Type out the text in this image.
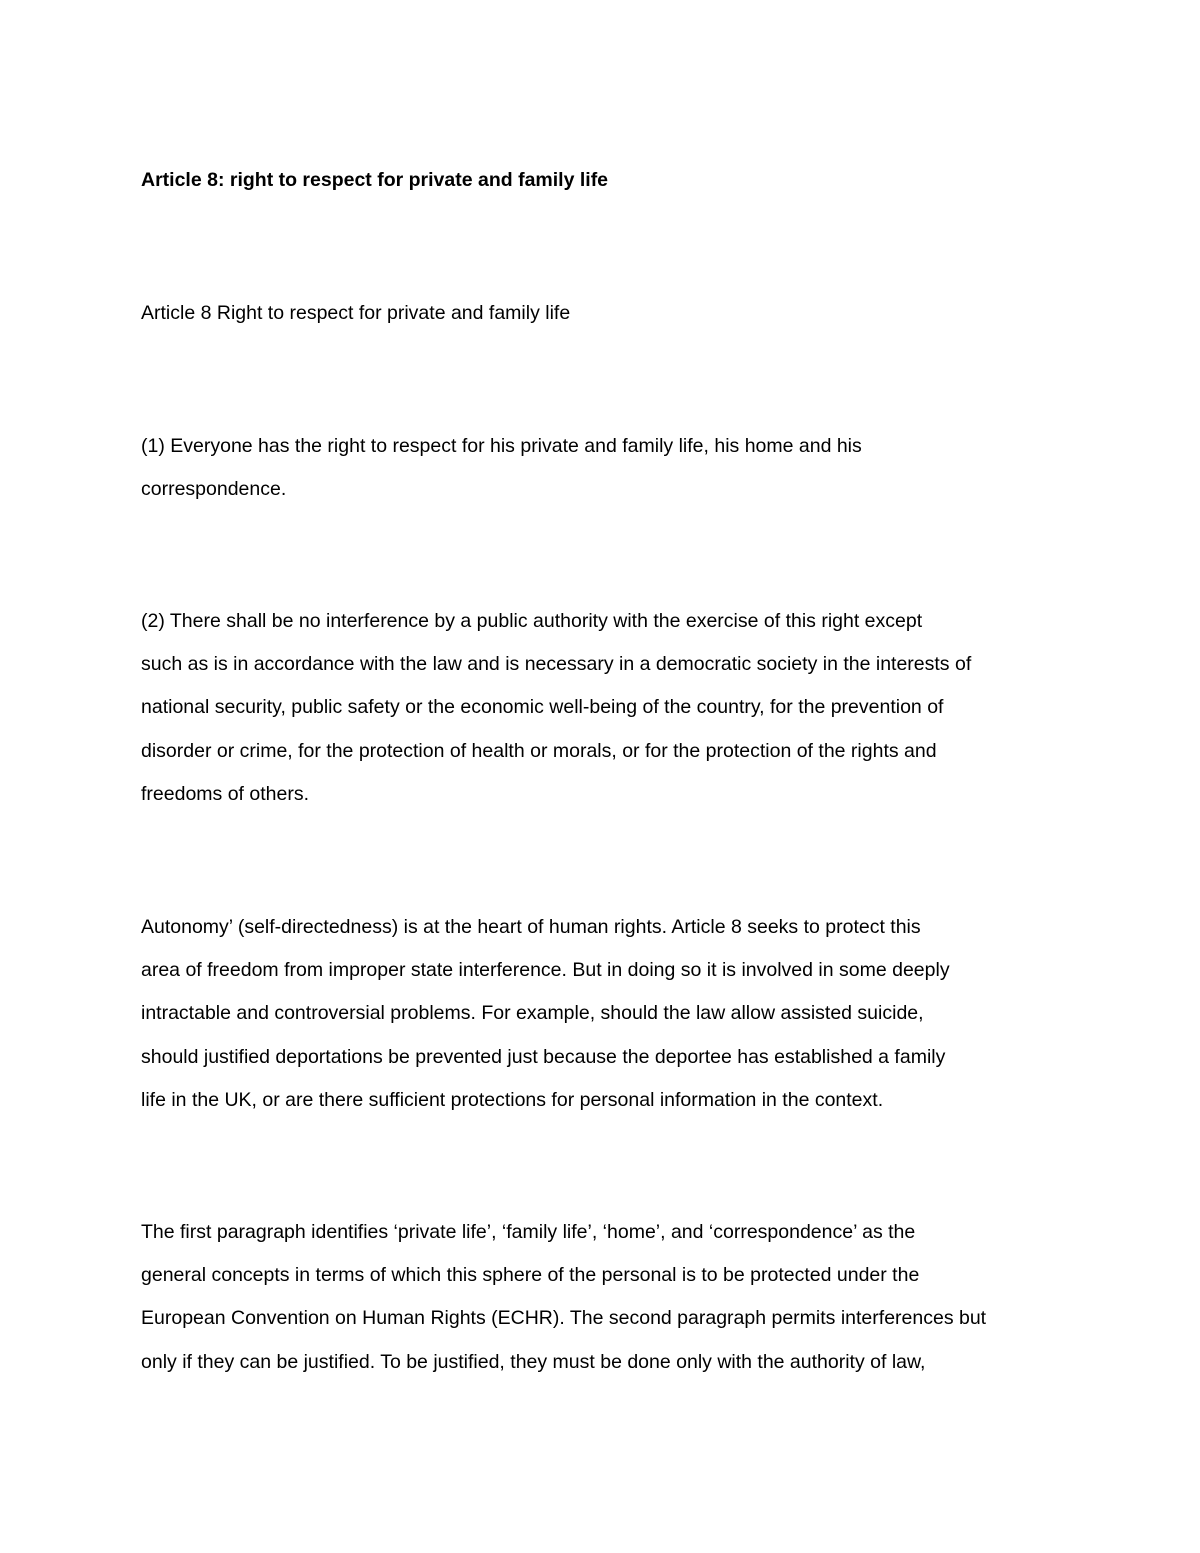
Article 8: right to respect for private and family life

Article 8 Right to respect for private and family life

(1) Everyone has the right to respect for his private and family life, his home and his
correspondence.

(2) There shall be no interference by a public authority with the exercise of this right except
such as is in accordance with the law and is necessary in a democratic society in the interests of
national security, public safety or the economic well-being of the country, for the prevention of
disorder or crime, for the protection of health or morals, or for the protection of the rights and
freedoms of others.

Autonomy’ (self-directedness) is at the heart of human rights. Article 8 seeks to protect this
area of freedom from improper state interference. But in doing so it is involved in some deeply
intractable and controversial problems. For example, should the law allow assisted suicide,
should justified deportations be prevented just because the deportee has established a family
life in the UK, or are there sufficient protections for personal information in the context.

The first paragraph identifies ‘private life’, ‘family life’, ‘home’, and ‘correspondence’ as the
general concepts in terms of which this sphere of the personal is to be protected under the
European Convention on Human Rights (ECHR). The second paragraph permits interferences but
only if they can be justified. To be justified, they must be done only with the authority of law,
